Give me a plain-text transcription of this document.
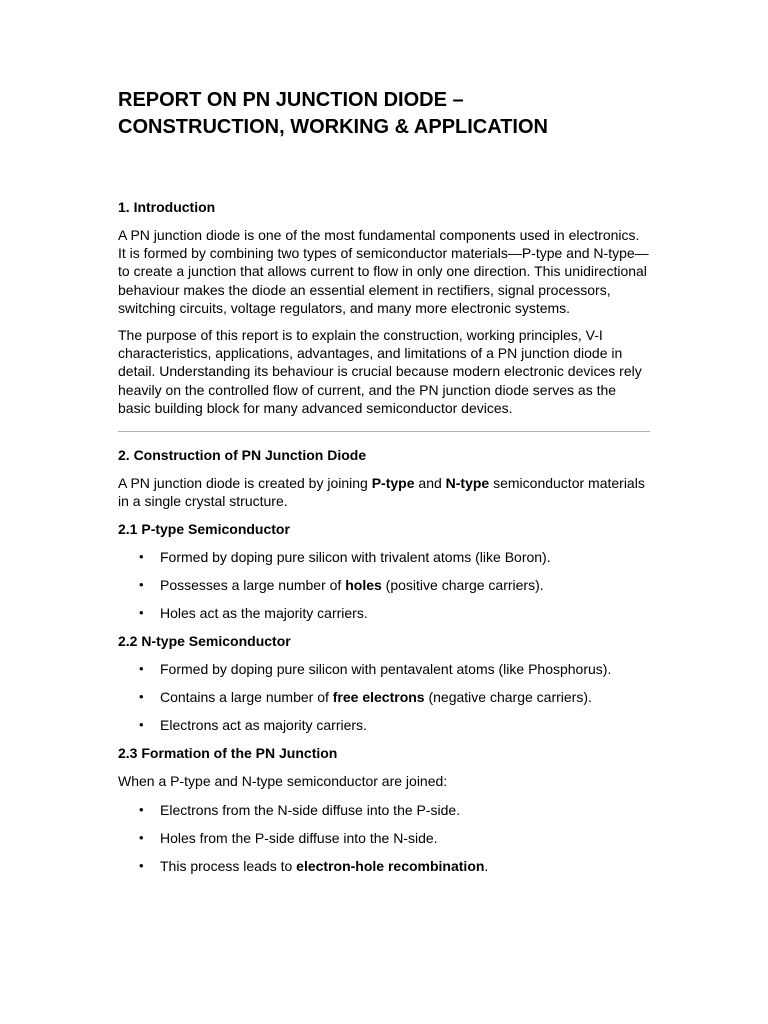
REPORT ON PN JUNCTION DIODE –
CONSTRUCTION, WORKING & APPLICATION
1. Introduction

A PN junction diode is one of the most fundamental components used in electronics. It is formed by combining two types of semiconductor materials—P-type and N-type—to create a junction that allows current to flow in only one direction. This unidirectional behaviour makes the diode an essential element in rectifiers, signal processors, switching circuits, voltage regulators, and many more electronic systems.

The purpose of this report is to explain the construction, working principles, V-I characteristics, applications, advantages, and limitations of a PN junction diode in detail. Understanding its behaviour is crucial because modern electronic devices rely heavily on the controlled flow of current, and the PN junction diode serves as the basic building block for many advanced semiconductor devices.

2. Construction of PN Junction Diode

A PN junction diode is created by joining P-type and N-type semiconductor materials in a single crystal structure.

2.1 P-type Semiconductor
• Formed by doping pure silicon with trivalent atoms (like Boron).
• Possesses a large number of holes (positive charge carriers).
• Holes act as the majority carriers.
2.2 N-type Semiconductor
• Formed by doping pure silicon with pentavalent atoms (like Phosphorus).
• Contains a large number of free electrons (negative charge carriers).
• Electrons act as majority carriers.
2.3 Formation of the PN Junction

When a P-type and N-type semiconductor are joined:

• Electrons from the N-side diffuse into the P-side.
• Holes from the P-side diffuse into the N-side.
• This process leads to electron-hole recombination.
